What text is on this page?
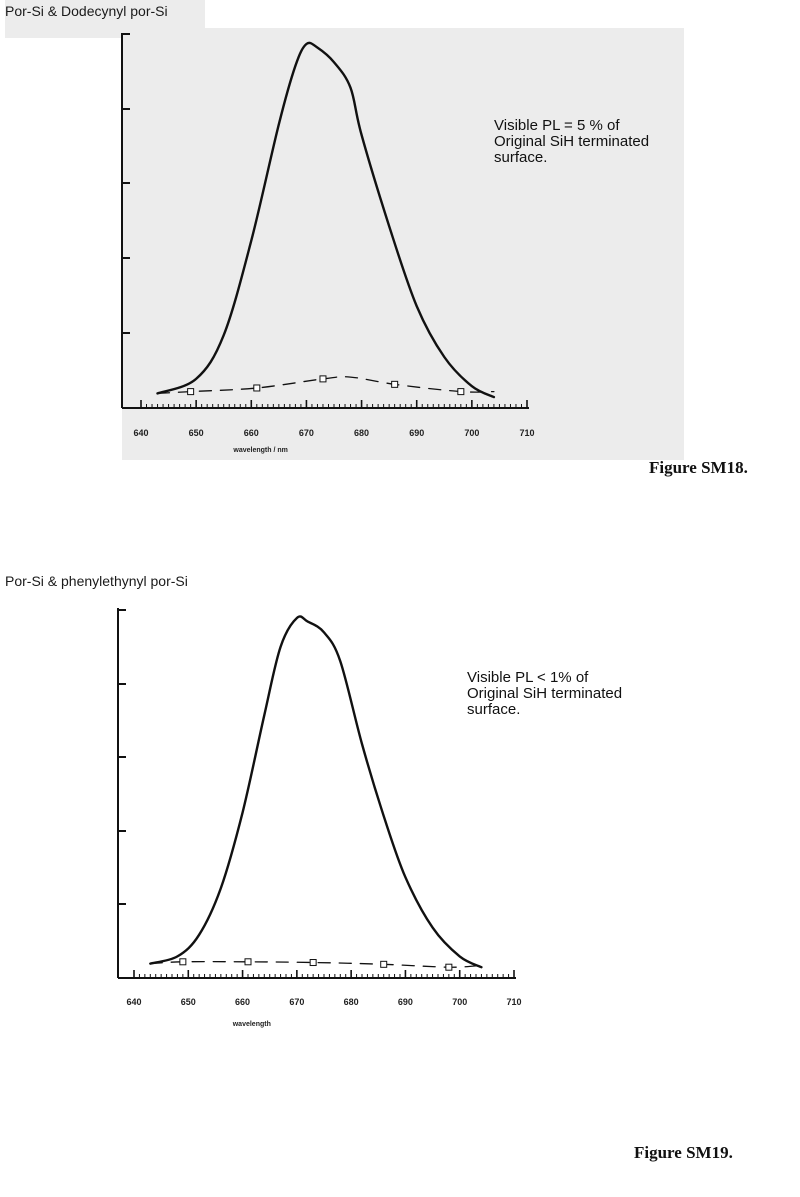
Por-Si & Dodecynyl por-Si
640	650	660	670	680	690	700	710
wavelength / nm
Visible PL = 5 % of
Original SiH terminated
surface.
Figure SM18.
Por-Si & phenylethynyl por-Si
640	650	660	670	680	690	700	710
wavelength
Visible PL < 1% of
Original SiH terminated
surface.
Figure SM19.
